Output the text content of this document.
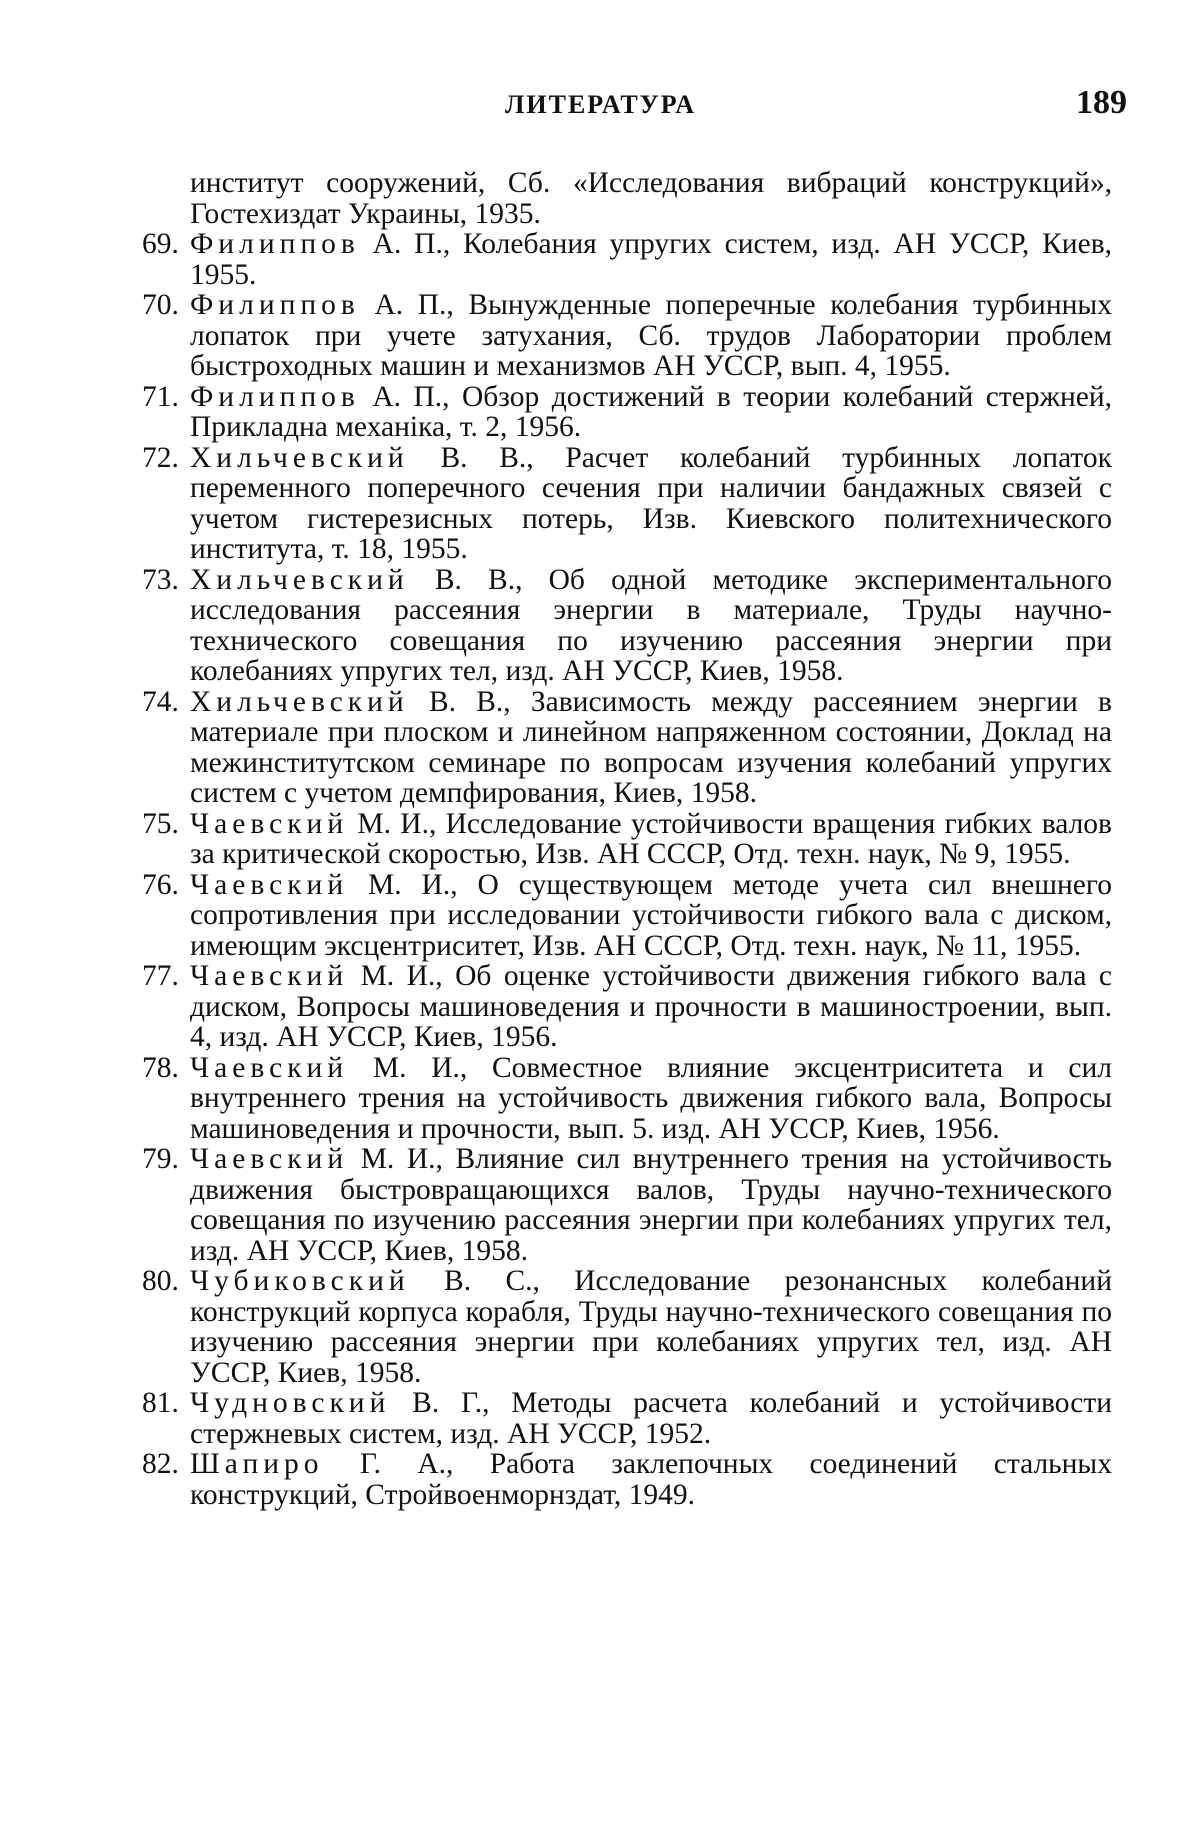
ЛИТЕРАТУРА	189
институт сооружений, Сб. «Исследования вибраций конструкций», Гостехиздат Украины, 1935.
69. Филиппов А. П., Колебания упругих систем, изд. АН УССР, Киев, 1955.
70. Филиппов А. П., Вынужденные поперечные колебания турбинных лопаток при учете затухания, Сб. трудов Лаборатории проблем быстроходных машин и механизмов АН УССР, вып. 4, 1955.
71. Филиппов А. П., Обзор достижений в теории колебаний стержней, Прикладна механіка, т. 2, 1956.
72. Хильчевский В. В., Расчет колебаний турбинных лопаток переменного поперечного сечения при наличии бандажных связей с учетом гистерезисных потерь, Изв. Киевского политехнического института, т. 18, 1955.
73. Хильчевский В. В., Об одной методике экспериментального исследования рассеяния энергии в материале, Труды научно-технического совещания по изучению рассеяния энергии при колебаниях упругих тел, изд. АН УССР, Киев, 1958.
74. Хильчевский В. В., Зависимость между рассеянием энергии в материале при плоском и линейном напряженном состоянии, Доклад на межинститутском семинаре по вопросам изучения колебаний упругих систем с учетом демпфирования, Киев, 1958.
75. Чаевский М. И., Исследование устойчивости вращения гибких валов за критической скоростью, Изв. АН СССР, Отд. техн. наук, № 9, 1955.
76. Чаевский М. И., О существующем методе учета сил внешнего сопротивления при исследовании устойчивости гибкого вала с диском, имеющим эксцентриситет, Изв. АН СССР, Отд. техн. наук, № 11, 1955.
77. Чаевский М. И., Об оценке устойчивости движения гибкого вала с диском, Вопросы машиноведения и прочности в машиностроении, вып. 4, изд. АН УССР, Киев, 1956.
78. Чаевский М. И., Совместное влияние эксцентриситета и сил внутреннего трения на устойчивость движения гибкого вала, Вопросы машиноведения и прочности, вып. 5. изд. АН УССР, Киев, 1956.
79. Чаевский М. И., Влияние сил внутреннего трения на устойчивость движения быстровращающихся валов, Труды научно-технического совещания по изучению рассеяния энергии при колебаниях упругих тел, изд. АН УССР, Киев, 1958.
80. Чубиковский В. С., Исследование резонансных колебаний конструкций корпуса корабля, Труды научно-технического совещания по изучению рассеяния энергии при колебаниях упругих тел, изд. АН УССР, Киев, 1958.
81. Чудновский В. Г., Методы расчета колебаний и устойчивости стержневых систем, изд. АН УССР, 1952.
82. Шапиро Г. А., Работа заклепочных соединений стальных конструкций, Стройвоенморнздат, 1949.
